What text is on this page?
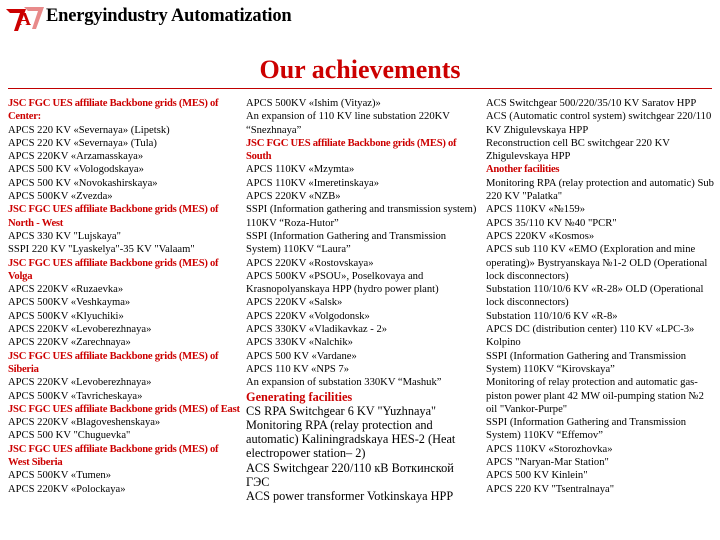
A Energyindustry Automatization
Our achievements
JSC FGC UES affiliate Backbone grids (MES) of Center:
APCS 220 KV «Severnaya» (Lipetsk)
APCS 220 KV «Severnaya» (Tula)
APCS 220KV «Arzamasskaya»
APCS 500 KV «Vologodskaya»
APCS 500 KV «Novokashirskaya»
APCS 500KV «Zvezda»
JSC FGC UES affiliate Backbone grids (MES) of North - West
APCS 330 KV "Lujskaya"
SSPI 220 KV "Lyaskelya"-35 KV "Valaam"
JSC FGC UES affiliate Backbone grids (MES) of Volga
APCS 220KV «Ruzaevka»
APCS 500KV «Veshkayma»
APCS 500KV «Klyuchiki»
APCS 220KV «Levoberezhnaya»
APCS 220KV «Zarechnaya»
JSC FGC UES affiliate Backbone grids (MES) of Siberia
APCS 220KV «Levoberezhnaya»
APCS 500KV «Tavricheskaya»
JSC FGC UES affiliate Backbone grids (MES) of East
APCS 220KV «Blagoveshenskaya»
APCS 500 KV "Chuguevka"
JSC FGC UES affiliate Backbone grids (MES) of West Siberia
APCS 500KV «Tumen»
APCS 220KV «Polockaya»
APCS 500KV «Ishim (Vityaz)»
An expansion of 110 KV line substation 220KV “Snezhnaya”
JSC FGC UES affiliate Backbone grids (MES) of South
APCS 110KV «Mzymta»
APCS 110KV «Imeretinskaya»
APCS 220KV «NZB»
SSPI (Information gathering and transmission system) 110KV “Roza-Hutor”
SSPI (Information Gathering and Transmission System) 110KV “Laura”
APCS 220KV «Rostovskaya»
APCS 500KV «PSOU», Poselkovaya and Krasnopolyanskaya HPP (hydro power plant)
APCS 220KV «Salsk»
APCS 220KV «Volgodonsk»
APCS 330KV «Vladikavkaz - 2»
APCS 330KV «Nalchik»
APCS 500 KV «Vardane»
APCS 110 KV «NPS 7»
An expansion of substation 330KV “Mashuk”
Generating facilities
CS RPA Switchgear 6 KV "Yuzhnaya"
Monitoring RPA (relay protection and automatic) Kaliningradskaya HES-2 (Heat electropower station– 2)
ACS Switchgear 220/110 кВ Воткинской ГЭС
ACS power transformer Votkinskaya HPP
ACS Switchgear 500/220/35/10 KV Saratov HPP
ACS (Automatic control system) switchgear 220/110 KV Zhigulevskaya HPP
Reconstruction cell BC switchgear 220 KV Zhigulevskaya HPP
Another facilities
Monitoring RPA (relay protection and automatic) Sub 220 KV "Palatka"
APCS 110KV «№159»
APCS 35/110 KV №40 "PCR"
APCS 220KV «Kosmos»
APCS sub 110 KV «EMO (Exploration and mine operating)» Bystryanskaya №1-2 OLD (Operational lock disconnectors)
Substation 110/10/6 KV «R-28» OLD (Operational lock disconnectors)
Substation 110/10/6 KV «R-8»
APCS DC (distribution center) 110 KV «LPC-3» Kolpino
SSPI (Information Gathering and Transmission System) 110KV “Kirovskaya”
Monitoring of relay protection and automatic gas-piston power plant 42 MW oil-pumping station №2 oil "Vankor-Purpe"
SSPI (Information Gathering and Transmission System) 110KV “Effemov”
APCS 110KV «Storozhovka»
APCS "Naryan-Mar Station"
APCS 500 KV Kinlein"
APCS 220 KV "Tsentralnaya"
